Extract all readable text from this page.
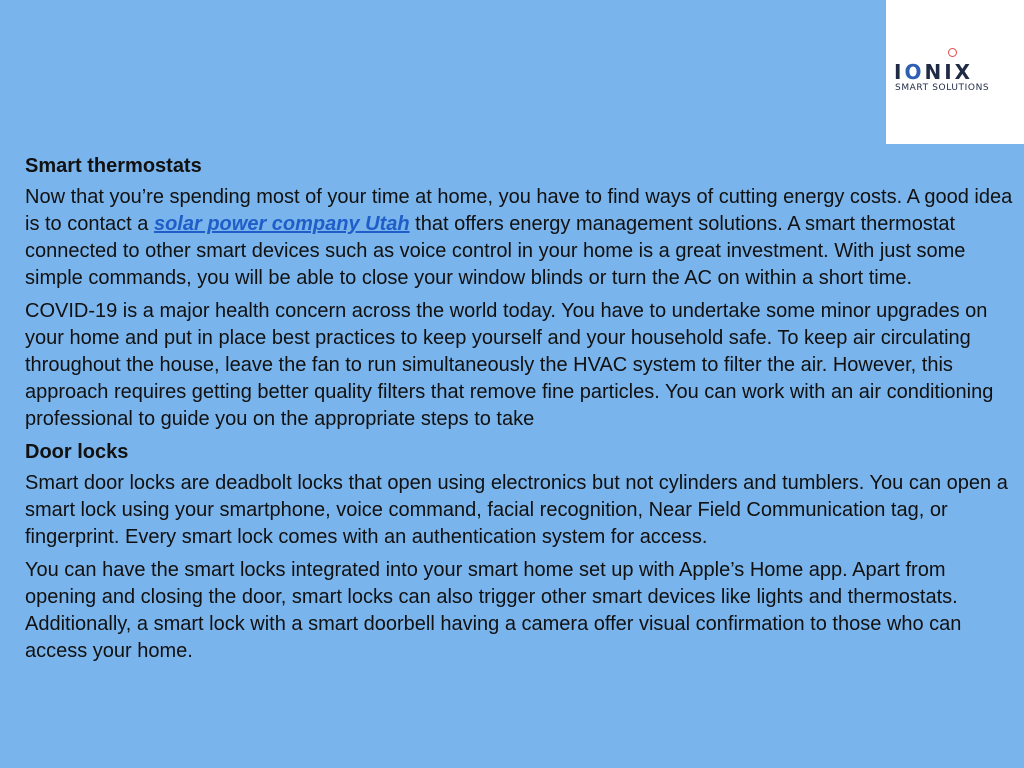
IONIX
SMART SOLUTIONS
Smart thermostats

Now that you’re spending most of your time at home, you have to find ways of cutting energy costs. A good idea is to contact a solar power company Utah that offers energy management solutions. A smart thermostat connected to other smart devices such as voice control in your home is a great investment. With just some simple commands, you will be able to close your window blinds or turn the AC on within a short time.

COVID-19 is a major health concern across the world today. You have to undertake some minor upgrades on your home and put in place best practices to keep yourself and your household safe. To keep air circulating throughout the house, leave the fan to run simultaneously the HVAC system to filter the air. However, this approach requires getting better quality filters that remove fine particles. You can work with an air conditioning professional to guide you on the appropriate steps to take

Door locks

Smart door locks are deadbolt locks that open using electronics but not cylinders and tumblers. You can open a smart lock using your smartphone, voice command, facial recognition, Near Field Communication tag, or fingerprint. Every smart lock comes with an authentication system for access.

You can have the smart locks integrated into your smart home set up with Apple’s Home app. Apart from opening and closing the door, smart locks can also trigger other smart devices like lights and thermostats. Additionally, a smart lock with a smart doorbell having a camera offer visual confirmation to those who can access your home.
